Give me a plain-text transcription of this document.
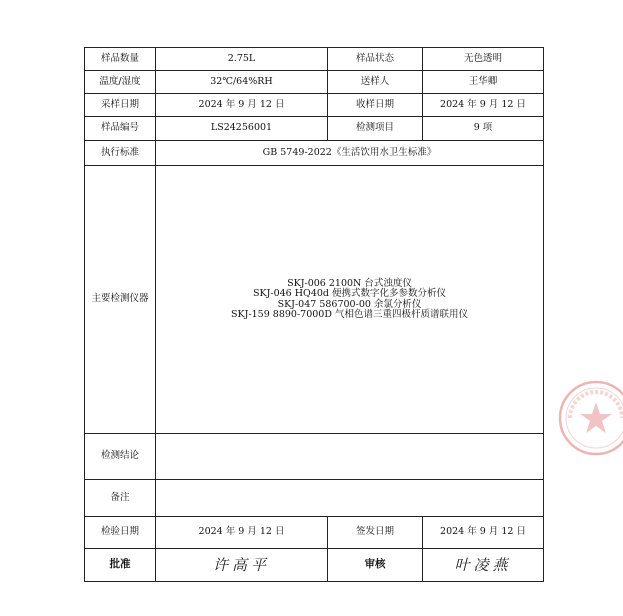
样品数量	2.75L	样品状态	无色透明
温度/湿度	32℃/64%RH	送样人	王华卿
采样日期	2024 年 9 月 12 日	收样日期	2024 年 9 月 12 日
样品编号	LS24256001	检测项目	9 项
执行标准	GB 5749-2022《生活饮用水卫生标准》		
主要检测仪器	SKJ-006 2100N 台式浊度仪
SKJ-046 HQ40d 便携式数字化多参数分析仪
SKJ-047 586700-00 余氯分析仪
SKJ-159 8890-7000D 气相色谱三重四极杆质谱联用仪		

检测结论			
备注			
检验日期	2024 年 9 月 12 日	签发日期	2024 年 9 月 12 日
批准	许高平	审核	叶凌燕
